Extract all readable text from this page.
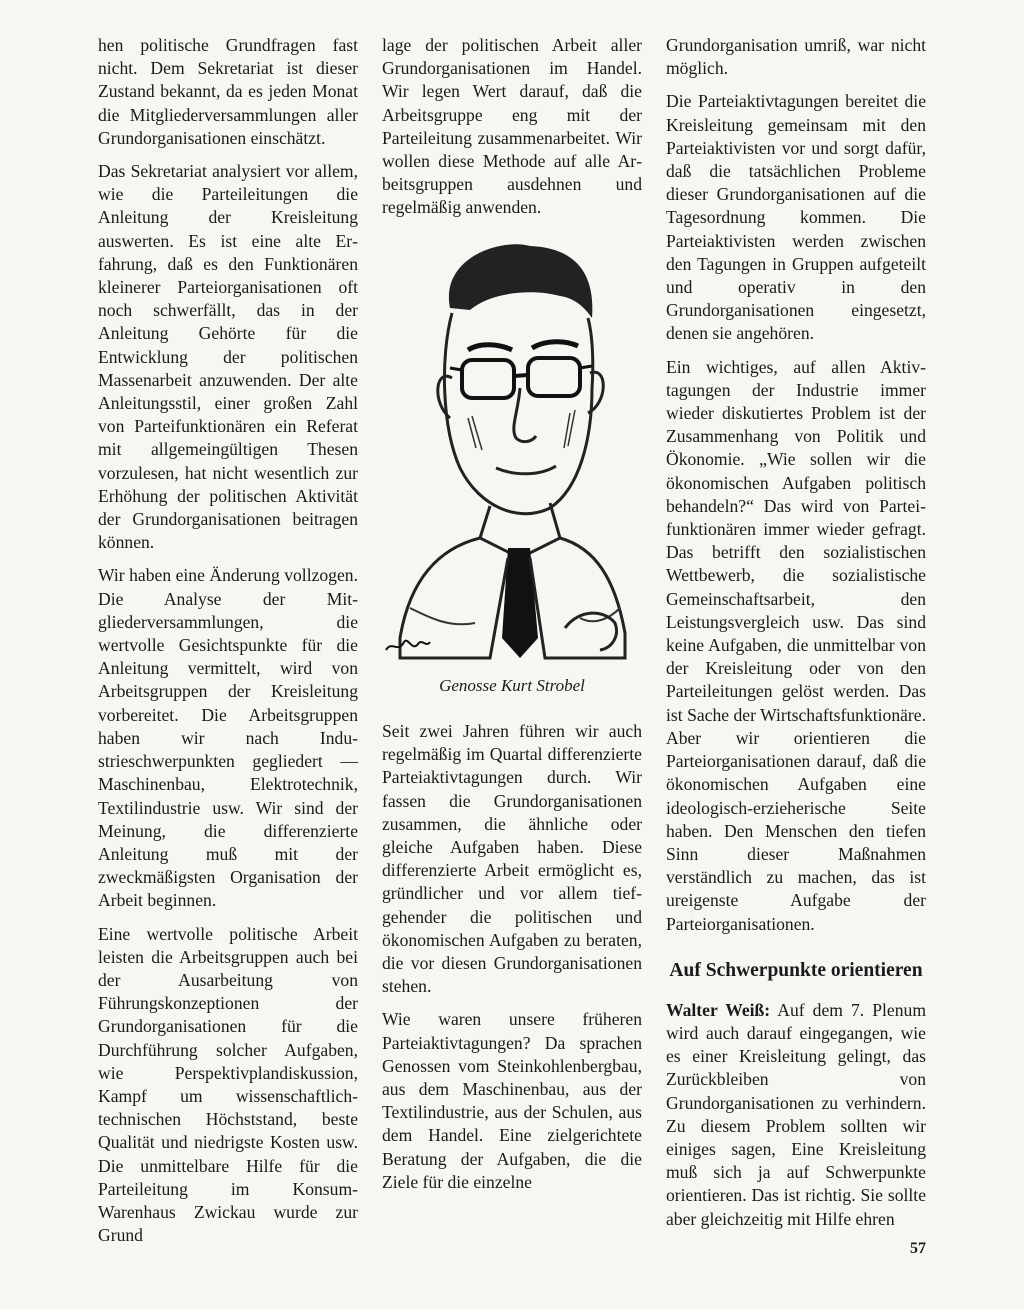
hen politische Grundfragen fast nicht. Dem Sekretariat ist dieser Zustand bekannt, da es jeden Monat die Mitgliederversammlungen aller Grundorganisationen einschätzt.

Das Sekretariat analysiert vor allem, wie die Parteileitungen die Anleitung der Kreisleitung auswerten. Es ist eine alte Erfahrung, daß es den Funktionären kleinerer Parteiorganisationen oft noch schwerfällt, das in der Anleitung Gehörte für die Entwicklung der politischen Massenarbeit anzuwenden. Der alte Anleitungsstil, einer großen Zahl von Parteifunktionären ein Referat mit allgemeingültigen Thesen vorzulesen, hat nicht wesentlich zur Erhöhung der politischen Aktivität der Grundorganisationen beitragen können.

Wir haben eine Änderung vollzogen. Die Analyse der Mitgliederversammlungen, die wertvolle Gesichtspunkte für die Anleitung vermittelt, wird von Arbeitsgruppen der Kreisleitung vorbereitet. Die Arbeitsgruppen haben wir nach Industrieschwerpunkten gegliedert — Maschinenbau, Elektrotechnik, Textilindustrie usw. Wir sind der Meinung, die differenzierte Anleitung muß mit der zweckmäßigsten Organisation der Arbeit beginnen.

Eine wertvolle politische Arbeit leisten die Arbeitsgruppen auch bei der Ausarbeitung von Führungskonzeptionen der Grundorganisationen für die Durchführung solcher Aufgaben, wie Perspektivplandiskussion, Kampf um wissenschaftlich-technischen Höchststand, beste Qualität und niedrigste Kosten usw. Die unmittelbare Hilfe für die Parteileitung im Konsum-Warenhaus Zwickau wurde zur Grund

lage der politischen Arbeit aller Grundorganisationen im Handel. Wir legen Wert darauf, daß die Arbeitsgruppe eng mit der Parteileitung zusammenarbeitet. Wir wollen diese Methode auf alle Arbeitsgruppen ausdehnen und regelmäßig anwenden.

Genosse Kurt Strobel

Seit zwei Jahren führen wir auch regelmäßig im Quartal differenzierte Parteiaktivtagungen durch. Wir fassen die Grundorganisationen zusammen, die ähnliche oder gleiche Aufgaben haben. Diese differenzierte Arbeit ermöglicht es, gründlicher und vor allem tiefgehender die politischen und ökonomischen Aufgaben zu beraten, die vor diesen Grundorganisationen stehen.

Wie waren unsere früheren Parteiaktivtagungen? Da sprachen Genossen vom Steinkohlenbergbau, aus dem Maschinenbau, aus der Textilindustrie, aus der Schulen, aus dem Handel. Eine zielgerichtete Beratung der Aufgaben, die die Ziele für die einzelne

Grundorganisation umriß, war nicht möglich.

Die Parteiaktivtagungen bereitet die Kreisleitung gemeinsam mit den Parteiaktivisten vor und sorgt dafür, daß die tatsächlichen Probleme dieser Grundorganisationen auf die Tagesordnung kommen. Die Parteiaktivisten werden zwischen den Tagungen in Gruppen aufgeteilt und operativ in den Grundorganisationen eingesetzt, denen sie angehören.

Ein wichtiges, auf allen Aktivtagungen der Industrie immer wieder diskutiertes Problem ist der Zusammenhang von Politik und Ökonomie. „Wie sollen wir die ökonomischen Aufgaben politisch behandeln?“ Das wird von Parteifunktionären immer wieder gefragt. Das betrifft den sozialistischen Wettbewerb, die sozialistische Gemeinschaftsarbeit, den Leistungsvergleich usw. Das sind keine Aufgaben, die unmittelbar von der Kreisleitung oder von den Parteileitungen gelöst werden. Das ist Sache der Wirtschaftsfunktionäre. Aber wir orientieren die Parteiorganisationen darauf, daß die ökonomischen Aufgaben eine ideologisch-erzieherische Seite haben. Den Menschen den tiefen Sinn dieser Maßnahmen verständlich zu machen, das ist ureigenste Aufgabe der Parteiorganisationen.

Auf Schwerpunkte orientieren

Walter Weiß: Auf dem 7. Plenum wird auch darauf eingegangen, wie es einer Kreisleitung gelingt, das Zurückbleiben von Grundorganisationen zu verhindern. Zu diesem Problem sollten wir einiges sagen, Eine Kreisleitung muß sich ja auf Schwerpunkte orientieren. Das ist richtig. Sie sollte aber gleichzeitig mit Hilfe ehren

57
